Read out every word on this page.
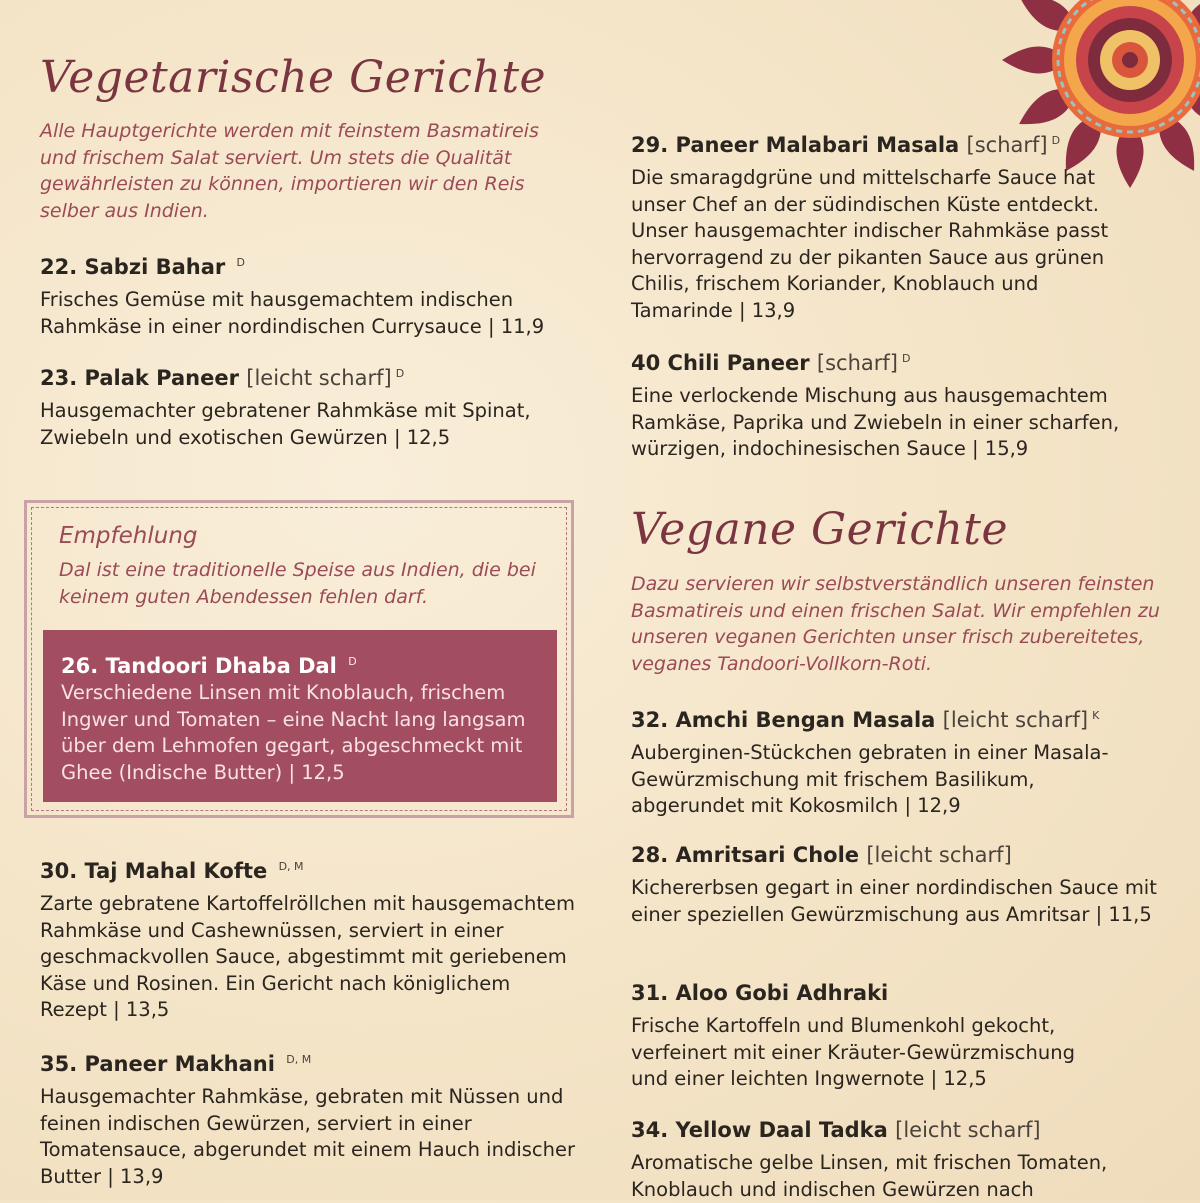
Vegetarische Gerichte

Alle Hauptgerichte werden mit feinstem Basmatireis und frischem Salat serviert. Um stets die Qualität gewährleisten zu können, importieren wir den Reis selber aus Indien.

22. Sabzi Bahar $^D$
Frisches Gemüse mit hausgemachtem indischen Rahmkäse in einer nordindischen Currysauce | 11,9
23. Palak Paneer [leicht scharf] $^D$
Hausgemachter gebratener Rahmkäse mit Spinat, Zwiebeln und exotischen Gewürzen | 12,5
30. Taj Mahal Kofte $^{D, M}$
Zarte gebratene Kartoffelröllchen mit hausgemachtem Rahmkäse und Cashewnüssen, serviert in einer geschmackvollen Sauce, abgestimmt mit geriebenem Käse und Rosinen. Ein Gericht nach königlichem Rezept | 13,5
35. Paneer Makhani $^{D, M}$
Hausgemachter Rahmkäse, gebraten mit Nüssen und feinen indischen Gewürzen, serviert in einer Tomatensauce, abgerundet mit einem Hauch indischer Butter | 13,9
Empfehlung

Dal ist eine traditionelle Speise aus Indien, die bei keinem guten Abendessen fehlen darf.

26. Tandoori Dhaba Dal $^D$
Verschiedene Linsen mit Knoblauch, frischem Ingwer und Tomaten – eine Nacht lang langsam über dem Lehmofen gegart, abgeschmeckt mit Ghee (Indische Butter) | 12,5
29. Paneer Malabari Masala [scharf] $^D$
Die smaragdgrüne und mittelscharfe Sauce hat unser Chef an der südindischen Küste entdeckt. Unser hausgemachter indischer Rahmkäse passt hervorragend zu der pikanten Sauce aus grünen Chilis, frischem Koriander, Knoblauch und Tamarinde | 13,9
40 Chili Paneer [scharf] $^D$
Eine verlockende Mischung aus hausgemachtem Ramkäse, Paprika und Zwiebeln in einer scharfen, würzigen, indochinesischen Sauce | 15,9
Vegane Gerichte

Dazu servieren wir selbstverständlich unseren feinsten Basmatireis und einen frischen Salat. Wir empfehlen zu unseren veganen Gerichten unser frisch zubereitetes, veganes Tandoori-Vollkorn-Roti.

32. Amchi Bengan Masala [leicht scharf] $^K$
Auberginen-Stückchen gebraten in einer Masala-Gewürzmischung mit frischem Basilikum, abgerundet mit Kokosmilch | 12,9
28. Amritsari Chole [leicht scharf]
Kichererbsen gegart in einer nordindischen Sauce mit einer speziellen Gewürzmischung aus Amritsar | 11,5
31. Aloo Gobi Adhraki
Frische Kartoffeln und Blumenkohl gekocht, verfeinert mit einer Kräuter-Gewürzmischung und einer leichten Ingwernote | 12,5
34. Yellow Daal Tadka [leicht scharf]
Aromatische gelbe Linsen, mit frischen Tomaten, Knoblauch und indischen Gewürzen nach
